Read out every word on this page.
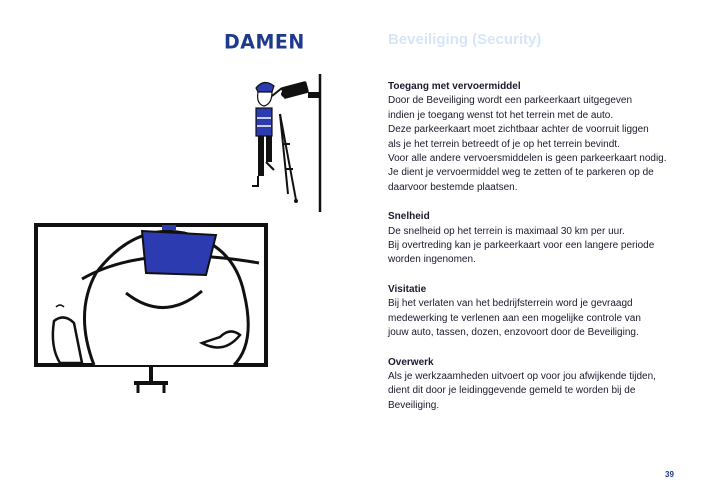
DAMEN	Beveiliging (Security)
Toegang met vervoermiddel

Door de Beveiliging wordt een parkeerkaart uitgegeven

indien je toegang wenst tot het terrein met de auto.

Deze parkeerkaart moet zichtbaar achter de voorruit liggen

als je het terrein betreedt of je op het terrein bevindt.

Voor alle andere vervoersmiddelen is geen parkeerkaart nodig.

Je dient je vervoermiddel weg te zetten of te parkeren op de

daarvoor bestemde plaatsen.

Snelheid

De snelheid op het terrein is maximaal 30 km per uur.

Bij overtreding kan je parkeerkaart voor een langere periode

worden ingenomen.

Visitatie

Bij het verlaten van het bedrijfsterrein word je gevraagd

medewerking te verlenen aan een mogelijke controle van

jouw auto, tassen, dozen, enzovoort door de Beveiliging.

Overwerk

Als je werkzaamheden uitvoert op voor jou afwijkende tijden,

dient dit door je leidinggevende gemeld te worden bij de

Beveiliging.

39
